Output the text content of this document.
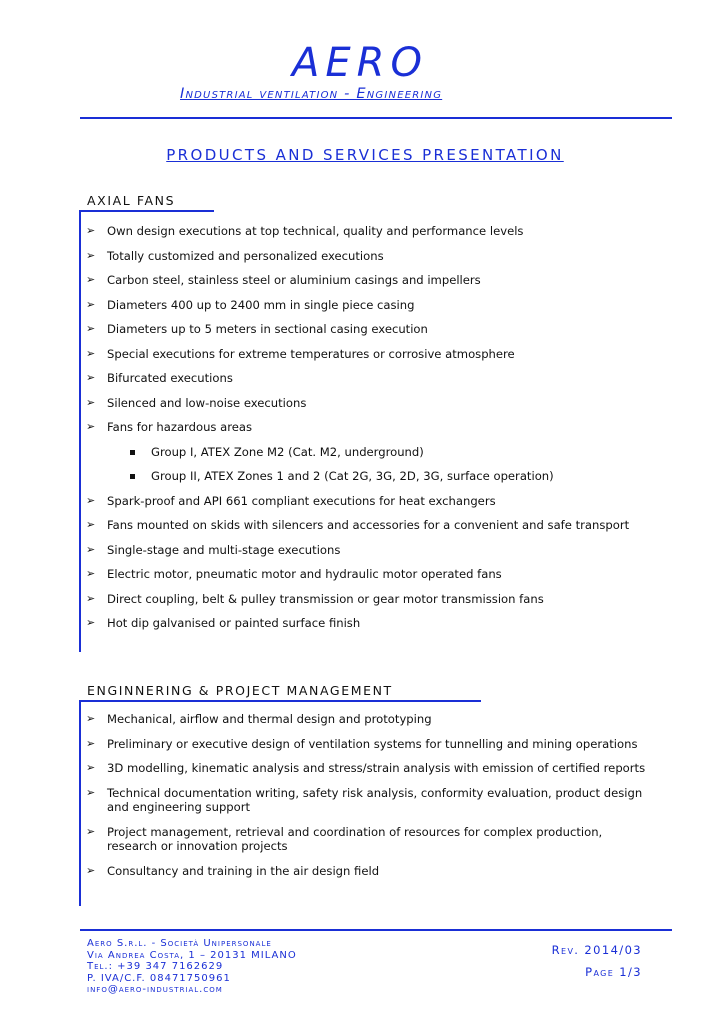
AERO
Industrial ventilation - Engineering
PRODUCTS AND SERVICES PRESENTATION
AXIAL FANS
➢ Own design executions at top technical, quality and performance levels
➢ Totally customized and personalized executions
➢ Carbon steel, stainless steel or aluminium casings and impellers
➢ Diameters 400 up to 2400 mm in single piece casing
➢ Diameters up to 5 meters in sectional casing execution
➢ Special executions for extreme temperatures or corrosive atmosphere
➢ Bifurcated executions
➢ Silenced and low-noise executions
➢ Fans for hazardous areas
Group I, ATEX Zone M2 (Cat. M2, underground)
Group II, ATEX Zones 1 and 2 (Cat 2G, 3G, 2D, 3G, surface operation)
➢ Spark-proof and API 661 compliant executions for heat exchangers
➢ Fans mounted on skids with silencers and accessories for a convenient and safe transport
➢ Single-stage and multi-stage executions
➢ Electric motor, pneumatic motor and hydraulic motor operated fans
➢ Direct coupling, belt & pulley transmission or gear motor transmission fans
➢ Hot dip galvanised or painted surface finish
ENGINNERING & PROJECT MANAGEMENT
➢ Mechanical, airflow and thermal design and prototyping
➢ Preliminary or executive design of ventilation systems for tunnelling and mining operations
➢ 3D modelling, kinematic analysis and stress/strain analysis with emission of certified reports
➢ Technical documentation writing, safety risk analysis, conformity evaluation, product design and engineering support
➢ Project management, retrieval and coordination of resources for complex production, research or innovation projects
➢ Consultancy and training in the air design field
Aero S.r.l. - Società Unipersonale
Via Andrea Costa, 1 – 20131 MILANO
Tel.: +39 347 7162629
P. IVA/C.F. 08471750961
info@aero-industrial.com
Rev. 2014/03
Page 1/3
